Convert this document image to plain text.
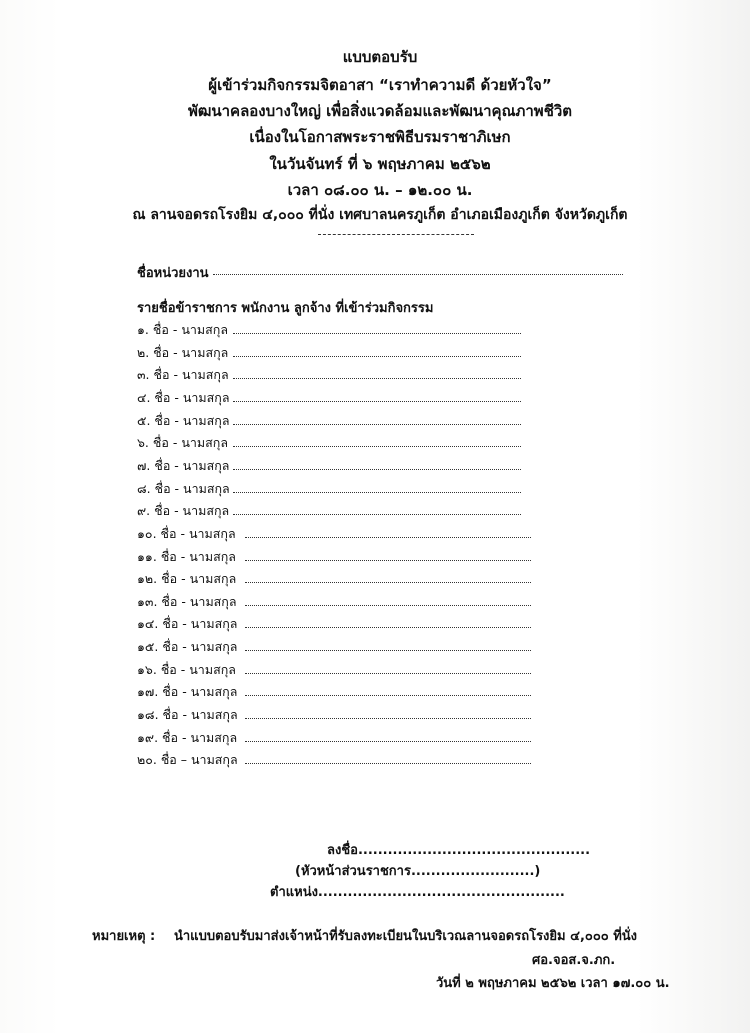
แบบตอบรับ
ผู้เข้าร่วมกิจกรรมจิตอาสา “เราทำความดี ด้วยหัวใจ”
พัฒนาคลองบางใหญ่ เพื่อสิ่งแวดล้อมและพัฒนาคุณภาพชีวิต
เนื่องในโอกาสพระราชพิธีบรมราชาภิเษก
ในวันจันทร์ ที่ ๖ พฤษภาคม ๒๕๖๒
เวลา ๐๘.๐๐ น. – ๑๒.๐๐ น.
ณ ลานจอดรถโรงยิม ๔,๐๐๐ ที่นั่ง เทศบาลนครภูเก็ต อำเภอเมืองภูเก็ต จังหวัดภูเก็ต
ชื่อหน่วยงาน
รายชื่อข้าราชการ พนักงาน ลูกจ้าง ที่เข้าร่วมกิจกรรม
๑. ชื่อ - นามสกุล
๒. ชื่อ - นามสกุล
๓. ชื่อ - นามสกุล
๔. ชื่อ - นามสกุล
๕. ชื่อ - นามสกุล
๖. ชื่อ - นามสกุล
๗. ชื่อ - นามสกุล
๘. ชื่อ - นามสกุล
๙. ชื่อ - นามสกุล
๑๐. ชื่อ - นามสกุล
๑๑. ชื่อ - นามสกุล
๑๒. ชื่อ - นามสกุล
๑๓. ชื่อ - นามสกุล
๑๔. ชื่อ - นามสกุล
๑๕. ชื่อ - นามสกุล
๑๖. ชื่อ - นามสกุล
๑๗. ชื่อ - นามสกุล
๑๘. ชื่อ - นามสกุล
๑๙. ชื่อ - นามสกุล
๒๐. ชื่อ – นามสกุล
ลงชื่อ...............................................
(หัวหน้าส่วนราชการ.........................)
ตำแหน่ง..................................................
หมายเหตุ : นำแบบตอบรับมาส่งเจ้าหน้าที่รับลงทะเบียนในบริเวณลานจอดรถโรงยิม ๔,๐๐๐ ที่นั่ง
ศอ.จอส.จ.ภก.
วันที่ ๒ พฤษภาคม ๒๕๖๒ เวลา ๑๗.๐๐ น.
